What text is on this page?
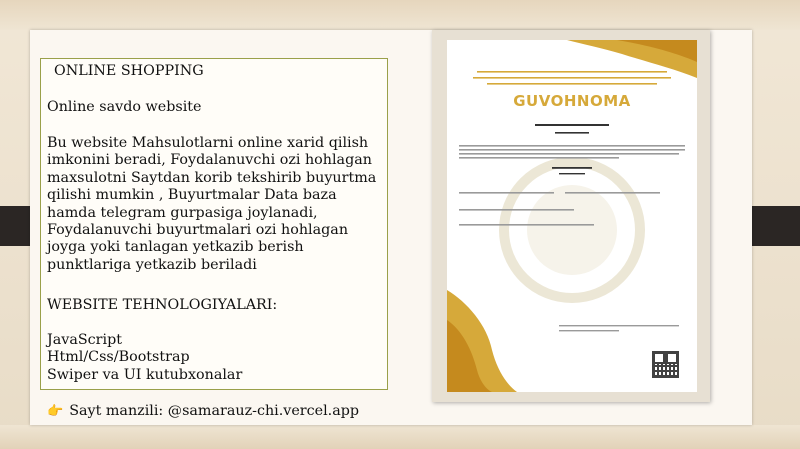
ONLINE SHOPPING

Online savdo website

Bu website Mahsulotlarni online xarid qilish
imkonini beradi, Foydalanuvchi ozi hohlagan
maxsulotni Saytdan korib tekshirib buyurtma
qilishi mumkin , Buyurtmalar Data baza
hamda telegram gurpasiga joylanadi,
Foydalanuvchi buyurtmalari ozi hohlagan
joyga yoki tanlagan yetkazib berish
punktlariga yetkazib beriladi

WEBSITE TEHNOLOGIYALARI:

JavaScript
Html/Css/Bootstrap
Swiper va UI kutubxonalar

👉 Sayt manzili: @samarauz-chi.vercel.app
GUVOHNOMA
